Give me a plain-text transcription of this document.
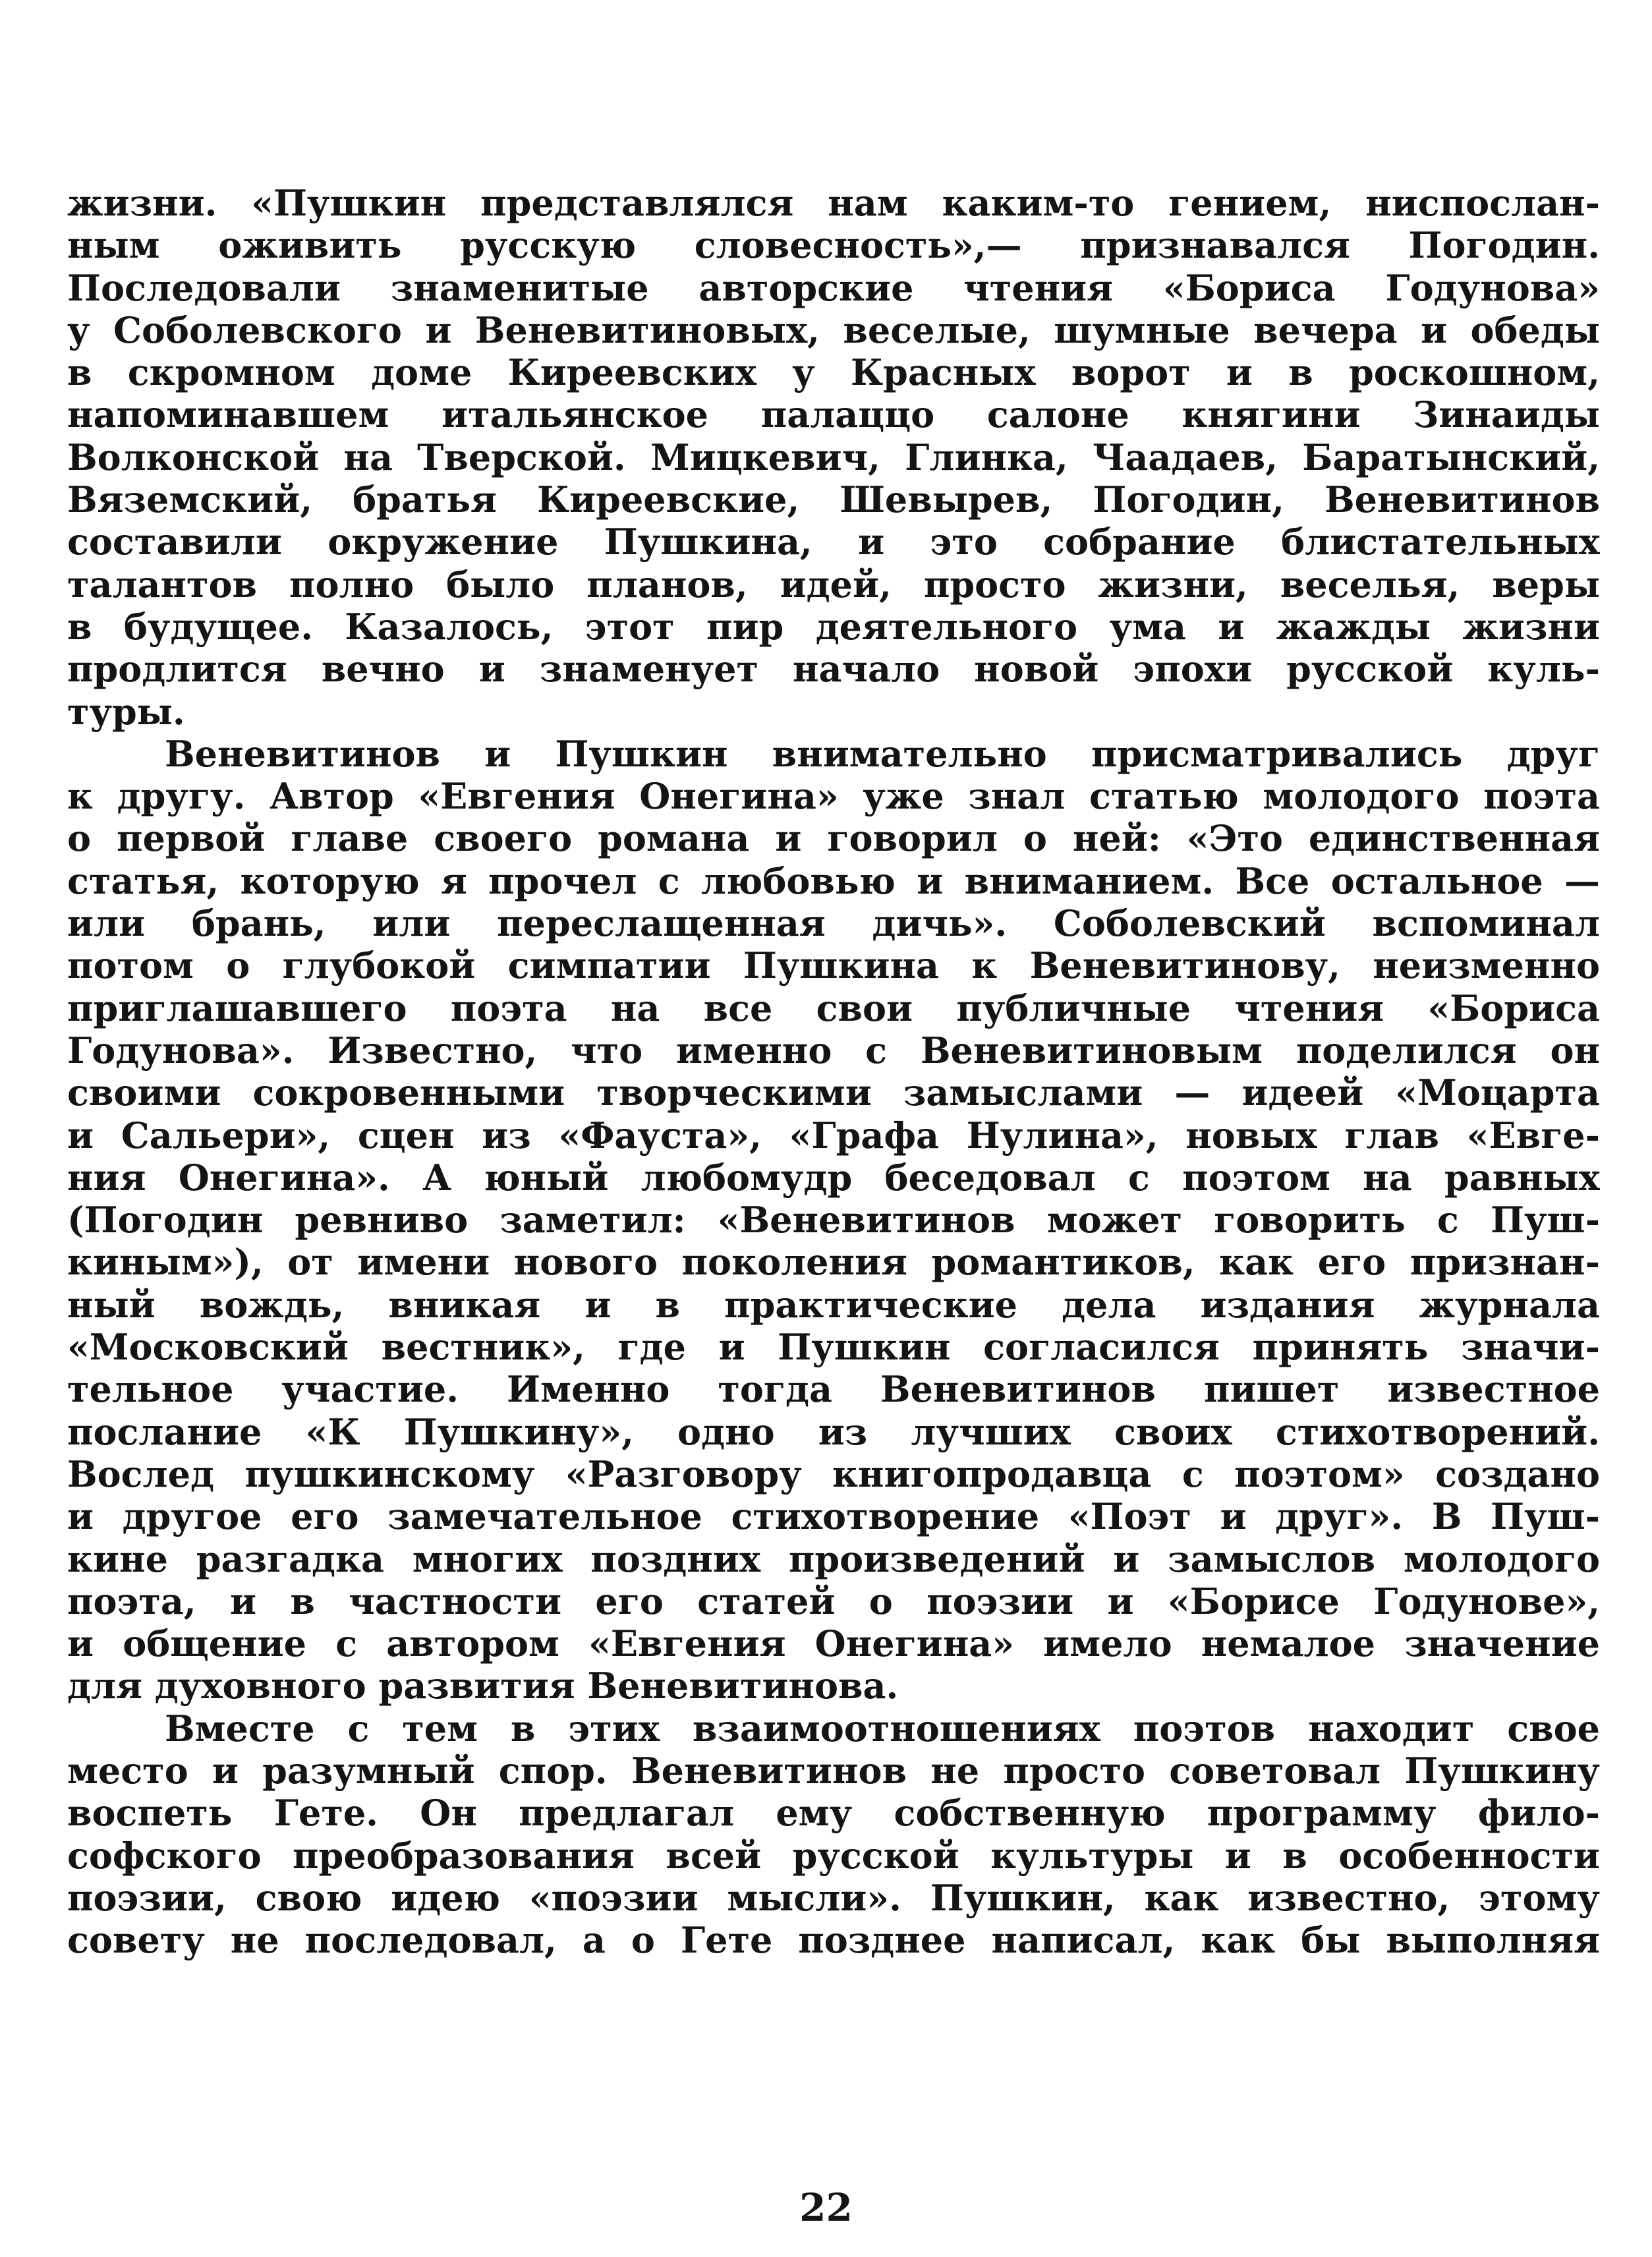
жизни. «Пушкин представлялся нам каким-то гением, ниспослан-
ным оживить русскую словесность»,— признавался Погодин.
Последовали знаменитые авторские чтения «Бориса Годунова»
у Соболевского и Веневитиновых, веселые, шумные вечера и обеды
в скромном доме Киреевских у Красных ворот и в роскошном,
напоминавшем итальянское палаццо салоне княгини Зинаиды
Волконской на Тверской. Мицкевич, Глинка, Чаадаев, Баратынский,
Вяземский, братья Киреевские, Шевырев, Погодин, Веневитинов
составили окружение Пушкина, и это собрание блистательных
талантов полно было планов, идей, просто жизни, веселья, веры
в будущее. Казалось, этот пир деятельного ума и жажды жизни
продлится вечно и знаменует начало новой эпохи русской куль-
туры.
Веневитинов и Пушкин внимательно присматривались друг
к другу. Автор «Евгения Онегина» уже знал статью молодого поэта
о первой главе своего романа и говорил о ней: «Это единственная
статья, которую я прочел с любовью и вниманием. Все остальное —
или брань, или переслащенная дичь». Соболевский вспоминал
потом о глубокой симпатии Пушкина к Веневитинову, неизменно
приглашавшего поэта на все свои публичные чтения «Бориса
Годунова». Известно, что именно с Веневитиновым поделился он
своими сокровенными творческими замыслами — идеей «Моцарта
и Сальери», сцен из «Фауста», «Графа Нулина», новых глав «Евге-
ния Онегина». А юный любомудр беседовал с поэтом на равных
(Погодин ревниво заметил: «Веневитинов может говорить с Пуш-
киным»), от имени нового поколения романтиков, как его признан-
ный вождь, вникая и в практические дела издания журнала
«Московский вестник», где и Пушкин согласился принять значи-
тельное участие. Именно тогда Веневитинов пишет известное
послание «К Пушкину», одно из лучших своих стихотворений.
Вослед пушкинскому «Разговору книгопродавца с поэтом» создано
и другое его замечательное стихотворение «Поэт и друг». В Пуш-
кине разгадка многих поздних произведений и замыслов молодого
поэта, и в частности его статей о поэзии и «Борисе Годунове»,
и общение с автором «Евгения Онегина» имело немалое значение
для духовного развития Веневитинова.
Вместе с тем в этих взаимоотношениях поэтов находит свое
место и разумный спор. Веневитинов не просто советовал Пушкину
воспеть Гете. Он предлагал ему собственную программу фило-
софского преобразования всей русской культуры и в особенности
поэзии, свою идею «поэзии мысли». Пушкин, как известно, этому
совету не последовал, а о Гете позднее написал, как бы выполняя
22
